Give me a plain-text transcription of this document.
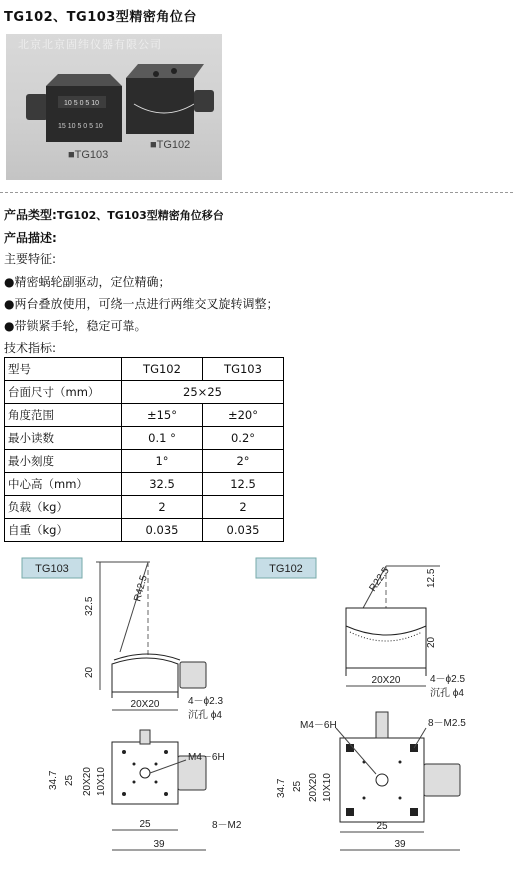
TG102、TG103型精密角位台
10 5 0 5 10
15 10 5 0 5 10
■TG103
■TG102
北京北京固纬仪器有限公司
产品类型:TG102、TG103型精密角位移台
产品描述:
主要特征:
●精密蜗轮副驱动，定位精确；
●两台叠放使用，可绕一点进行两维交叉旋转调整；
●带锁紧手轮，稳定可靠。
技术指标:
型号	TG102	TG103
台面尺寸（mm）	25×25	
角度范围	±15°	±20°
最小读数	0.1 °	0.2°
最小刻度	1°	2°
中心高（mm）	32.5	12.5
负载（kg）	2	2
自重（kg）	0.035	0.035
TG103
R42.5
32.5
20
20X20	4－ϕ2.3
沉孔 ϕ4
M4－6H
34.7 25 20X20 10X10
25
39
8－M2
TG102	R22.5	12.5
20
20X20	4－ϕ2.5
沉孔 ϕ4
M4－6H	8－M2.5
34.7 25 20X20 10X10
25
39
